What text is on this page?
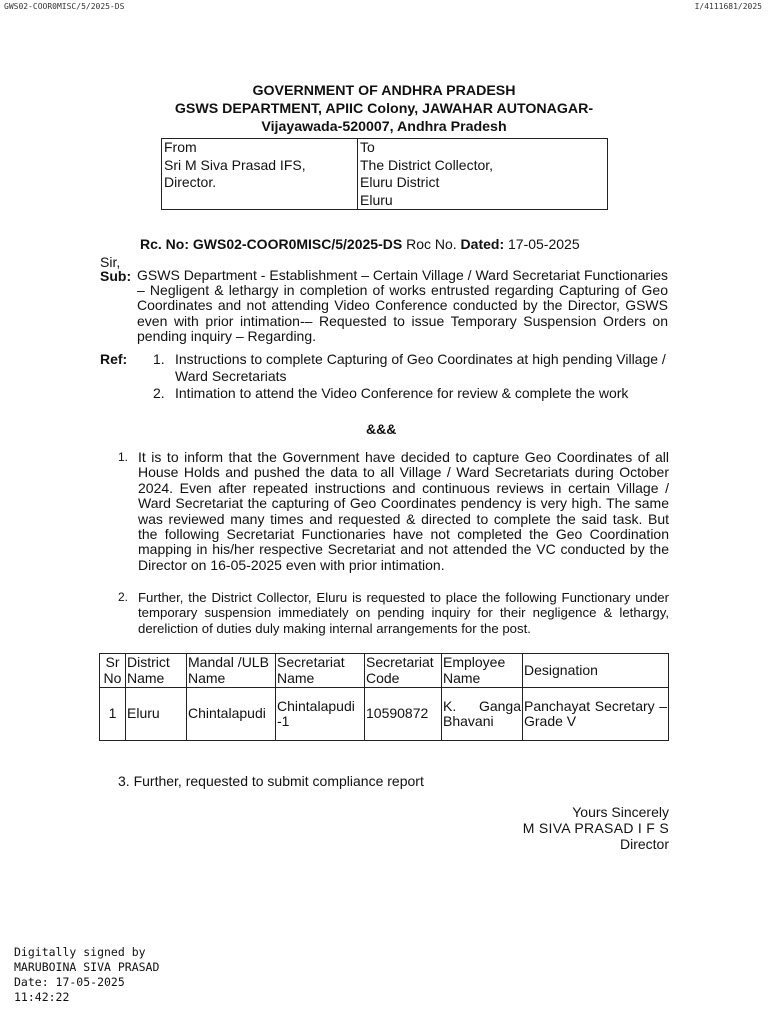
GWS02-COOR0MISC/5/2025-DS	I/4111681/2025
GOVERNMENT OF ANDHRA PRADESH
GSWS DEPARTMENT, APIIC Colony, JAWAHAR AUTONAGAR-
Vijayawada-520007, Andhra Pradesh
From
Sri M Siva Prasad IFS,
Director.

To
The District Collector,
Eluru District
Eluru
Rc. No: GWS02-COOR0MISC/5/2025-DS Roc No. Dated: 17-05-2025
Sir,
Sub: GSWS Department - Establishment – Certain Village / Ward Secretariat Functionaries – Negligent & lethargy in completion of works entrusted regarding Capturing of Geo Coordinates and not attending Video Conference conducted by the Director, GSWS even with prior intimation-– Requested to issue Temporary Suspension Orders on pending inquiry – Regarding.
Ref: 1. Instructions to complete Capturing of Geo Coordinates at high pending Village / Ward Secretariats
2. Intimation to attend the Video Conference for review & complete the work
&&&
1. It is to inform that the Government have decided to capture Geo Coordinates of all House Holds and pushed the data to all Village / Ward Secretariats during October 2024. Even after repeated instructions and continuous reviews in certain Village / Ward Secretariat the capturing of Geo Coordinates pendency is very high. The same was reviewed many times and requested & directed to complete the said task. But the following Secretariat Functionaries have not completed the Geo Coordination mapping in his/her respective Secretariat and not attended the VC conducted by the Director on 16-05-2025 even with prior intimation.
2. Further, the District Collector, Eluru is requested to place the following Functionary under temporary suspension immediately on pending inquiry for their negligence & lethargy, dereliction of duties duly making internal arrangements for the post.
Sr No	District Name	Mandal /ULB Name	Secretariat Name	Secretariat Code	Employee Name	Designation
1	Eluru	Chintalapudi	Chintalapudi -1	10590872	K. Ganga Bhavani	Panchayat Secretary – Grade V
3. Further, requested to submit compliance report
Yours Sincerely
M SIVA PRASAD I F S
Director
Digitally signed by
MARUBOINA SIVA PRASAD
Date: 17-05-2025
11:42:22
